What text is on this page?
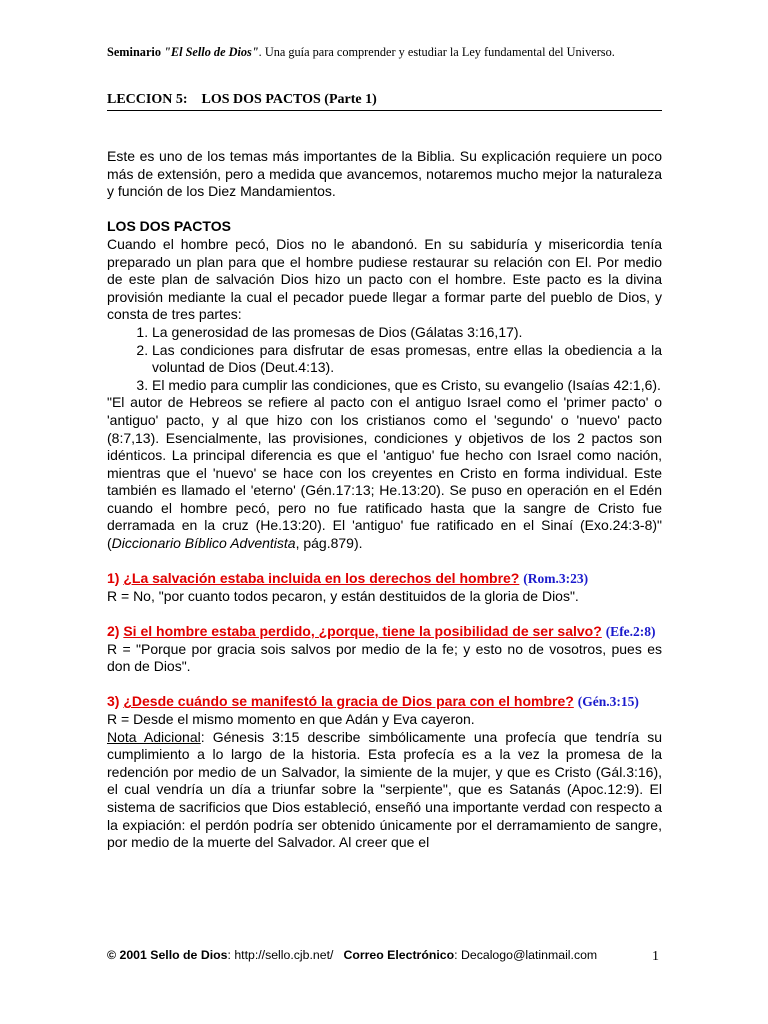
Seminario "El Sello de Dios". Una guía para comprender y estudiar la Ley fundamental del Universo.
LECCION 5: LOS DOS PACTOS (Parte 1)

Este es uno de los temas más importantes de la Biblia. Su explicación requiere un poco más de extensión, pero a medida que avancemos, notaremos mucho mejor la naturaleza y función de los Diez Mandamientos.

LOS DOS PACTOS

Cuando el hombre pecó, Dios no le abandonó. En su sabiduría y misericordia tenía preparado un plan para que el hombre pudiese restaurar su relación con El. Por medio de este plan de salvación Dios hizo un pacto con el hombre. Este pacto es la divina provisión mediante la cual el pecador puede llegar a formar parte del pueblo de Dios, y consta de tres partes:

1. La generosidad de las promesas de Dios (Gálatas 3:16,17).
2. Las condiciones para disfrutar de esas promesas, entre ellas la obediencia a la voluntad de Dios (Deut.4:13).
3. El medio para cumplir las condiciones, que es Cristo, su evangelio (Isaías 42:1,6).

"El autor de Hebreos se refiere al pacto con el antiguo Israel como el 'primer pacto' o 'antiguo' pacto, y al que hizo con los cristianos como el 'segundo' o 'nuevo' pacto (8:7,13). Esencialmente, las provisiones, condiciones y objetivos de los 2 pactos son idénticos. La principal diferencia es que el 'antiguo' fue hecho con Israel como nación, mientras que el 'nuevo' se hace con los creyentes en Cristo en forma individual. Este también es llamado el 'eterno' (Gén.17:13; He.13:20). Se puso en operación en el Edén cuando el hombre pecó, pero no fue ratificado hasta que la sangre de Cristo fue derramada en la cruz (He.13:20). El 'antiguo' fue ratificado en el Sinaí (Exo.24:3-8)" (Diccionario Bíblico Adventista, pág.879).

1) ¿La salvación estaba incluida en los derechos del hombre? (Rom.3:23)

R = No, "por cuanto todos pecaron, y están destituidos de la gloria de Dios".

2) Si el hombre estaba perdido, ¿porque, tiene la posibilidad de ser salvo? (Efe.2:8)

R = "Porque por gracia sois salvos por medio de la fe; y esto no de vosotros, pues es don de Dios".

3) ¿Desde cuándo se manifestó la gracia de Dios para con el hombre? (Gén.3:15)

R = Desde el mismo momento en que Adán y Eva cayeron.

Nota Adicional: Génesis 3:15 describe simbólicamente una profecía que tendría su cumplimiento a lo largo de la historia. Esta profecía es a la vez la promesa de la redención por medio de un Salvador, la simiente de la mujer, y que es Cristo (Gál.3:16), el cual vendría un día a triunfar sobre la "serpiente", que es Satanás (Apoc.12:9). El sistema de sacrificios que Dios estableció, enseñó una importante verdad con respecto a la expiación: el perdón podría ser obtenido únicamente por el derramamiento de sangre, por medio de la muerte del Salvador. Al creer que el

© 2001 Sello de Dios: http://sello.cjb.net/ Correo Electrónico: Decalogo@latinmail.com	1
